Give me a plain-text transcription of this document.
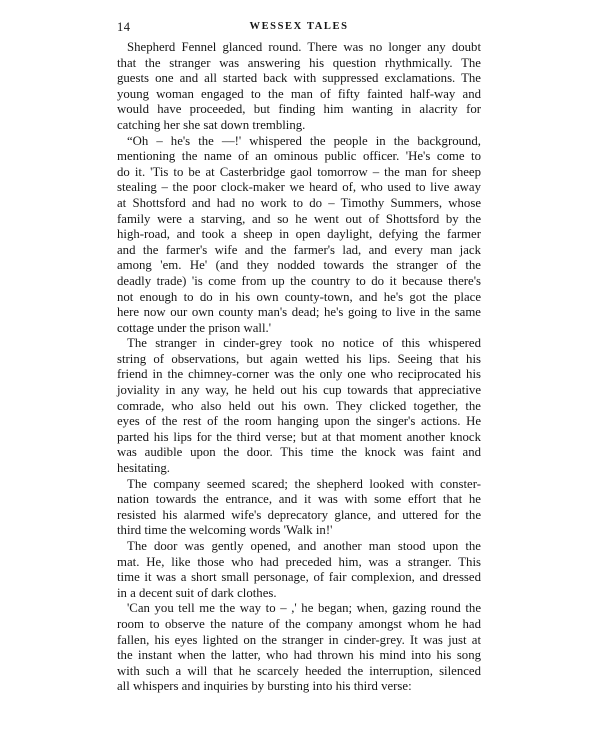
14	WESSEX TALES

Shepherd Fennel glanced round. There was no longer any doubt
that the stranger was answering his question rhythmically. The
guests one and all started back with suppressed exclamations. The
young woman engaged to the man of fifty fainted half-way and
would have proceeded, but finding him wanting in alacrity for
catching her she sat down trembling.

“Oh – he's the —!' whispered the people in the background,
mentioning the name of an ominous public officer. 'He's come to
do it. 'Tis to be at Casterbridge gaol tomorrow – the man for sheep
stealing – the poor clock-maker we heard of, who used to live away
at Shottsford and had no work to do – Timothy Summers, whose
family were a starving, and so he went out of Shottsford by the
high-road, and took a sheep in open daylight, defying the farmer
and the farmer's wife and the farmer's lad, and every man jack
among 'em. He' (and they nodded towards the stranger of the
deadly trade) 'is come from up the country to do it because there's
not enough to do in his own county-town, and he's got the place
here now our own county man's dead; he's going to live in the same
cottage under the prison wall.'

The stranger in cinder-grey took no notice of this whispered
string of observations, but again wetted his lips. Seeing that his
friend in the chimney-corner was the only one who reciprocated his
joviality in any way, he held out his cup towards that appreciative
comrade, who also held out his own. They clicked together, the
eyes of the rest of the room hanging upon the singer's actions. He
parted his lips for the third verse; but at that moment another knock
was audible upon the door. This time the knock was faint and
hesitating.

The company seemed scared; the shepherd looked with conster-
nation towards the entrance, and it was with some effort that he
resisted his alarmed wife's deprecatory glance, and uttered for the
third time the welcoming words 'Walk in!'

The door was gently opened, and another man stood upon the
mat. He, like those who had preceded him, was a stranger. This
time it was a short small personage, of fair complexion, and dressed
in a decent suit of dark clothes.

'Can you tell me the way to – ,' he began; when, gazing round the
room to observe the nature of the company amongst whom he had
fallen, his eyes lighted on the stranger in cinder-grey. It was just at
the instant when the latter, who had thrown his mind into his song
with such a will that he scarcely heeded the interruption, silenced
all whispers and inquiries by bursting into his third verse:
